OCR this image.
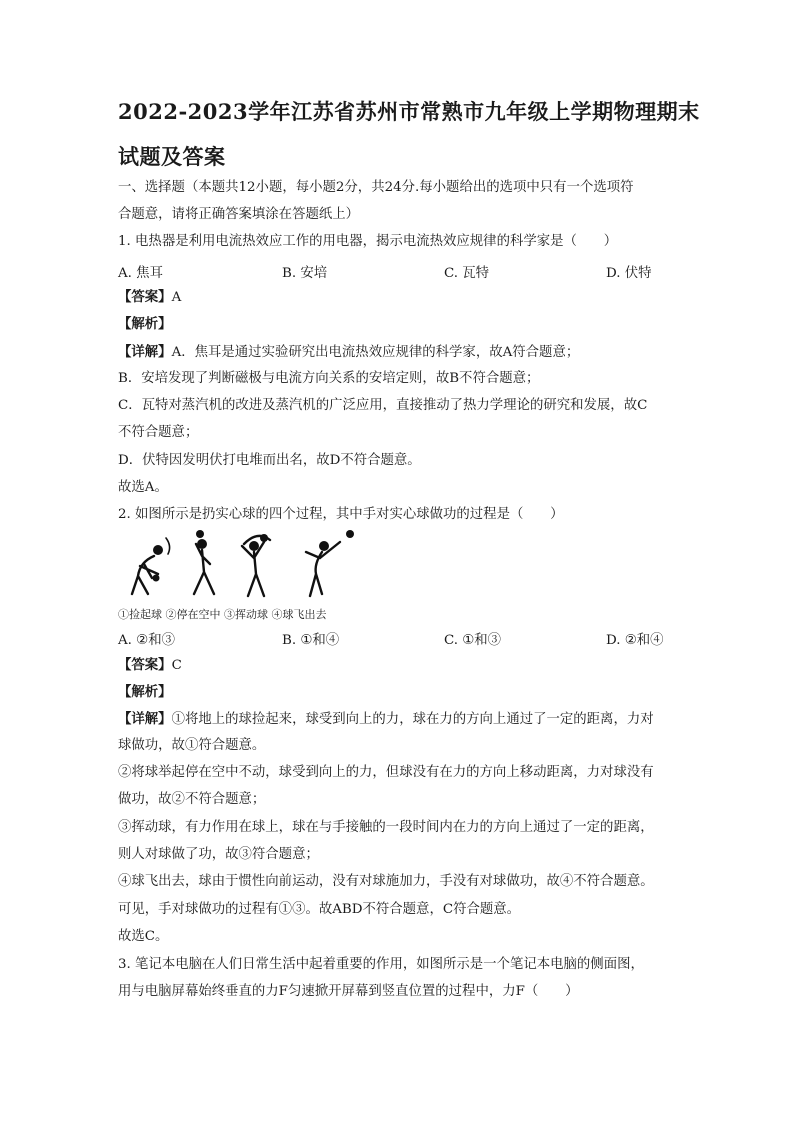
2022-2023学年江苏省苏州市常熟市九年级上学期物理期末
试题及答案
一、选择题（本题共12小题，每小题2分，共24分.每小题给出的选项中只有一个选项符
合题意，请将正确答案填涂在答题纸上）
1. 电热器是利用电流热效应工作的用电器，揭示电流热效应规律的科学家是（　　）
A. 焦耳	B. 安培	C. 瓦特	D. 伏特
【答案】A
【解析】
【详解】A．焦耳是通过实验研究出电流热效应规律的科学家，故A符合题意；
B．安培发现了判断磁极与电流方向关系的安培定则，故B不符合题意；
C．瓦特对蒸汽机的改进及蒸汽机的广泛应用，直接推动了热力学理论的研究和发展，故C
不符合题意；
D．伏特因发明伏打电堆而出名，故D不符合题意。
故选A。
2. 如图所示是扔实心球的四个过程，其中手对实心球做功的过程是（　　）
①捡起球 ②停在空中 ③挥动球 ④球飞出去
A. ②和③	B. ①和④	C. ①和③	D. ②和④
【答案】C
【解析】
【详解】①将地上的球捡起来，球受到向上的力，球在力的方向上通过了一定的距离，力对
球做功，故①符合题意。
②将球举起停在空中不动，球受到向上的力，但球没有在力的方向上移动距离，力对球没有
做功，故②不符合题意；
③挥动球，有力作用在球上，球在与手接触的一段时间内在力的方向上通过了一定的距离，
则人对球做了功，故③符合题意；
④球飞出去，球由于惯性向前运动，没有对球施加力，手没有对球做功，故④不符合题意。
可见，手对球做功的过程有①③。故ABD不符合题意，C符合题意。
故选C。
3. 笔记本电脑在人们日常生活中起着重要的作用，如图所示是一个笔记本电脑的侧面图，
用与电脑屏幕始终垂直的力F匀速掀开屏幕到竖直位置的过程中，力F（　　）
